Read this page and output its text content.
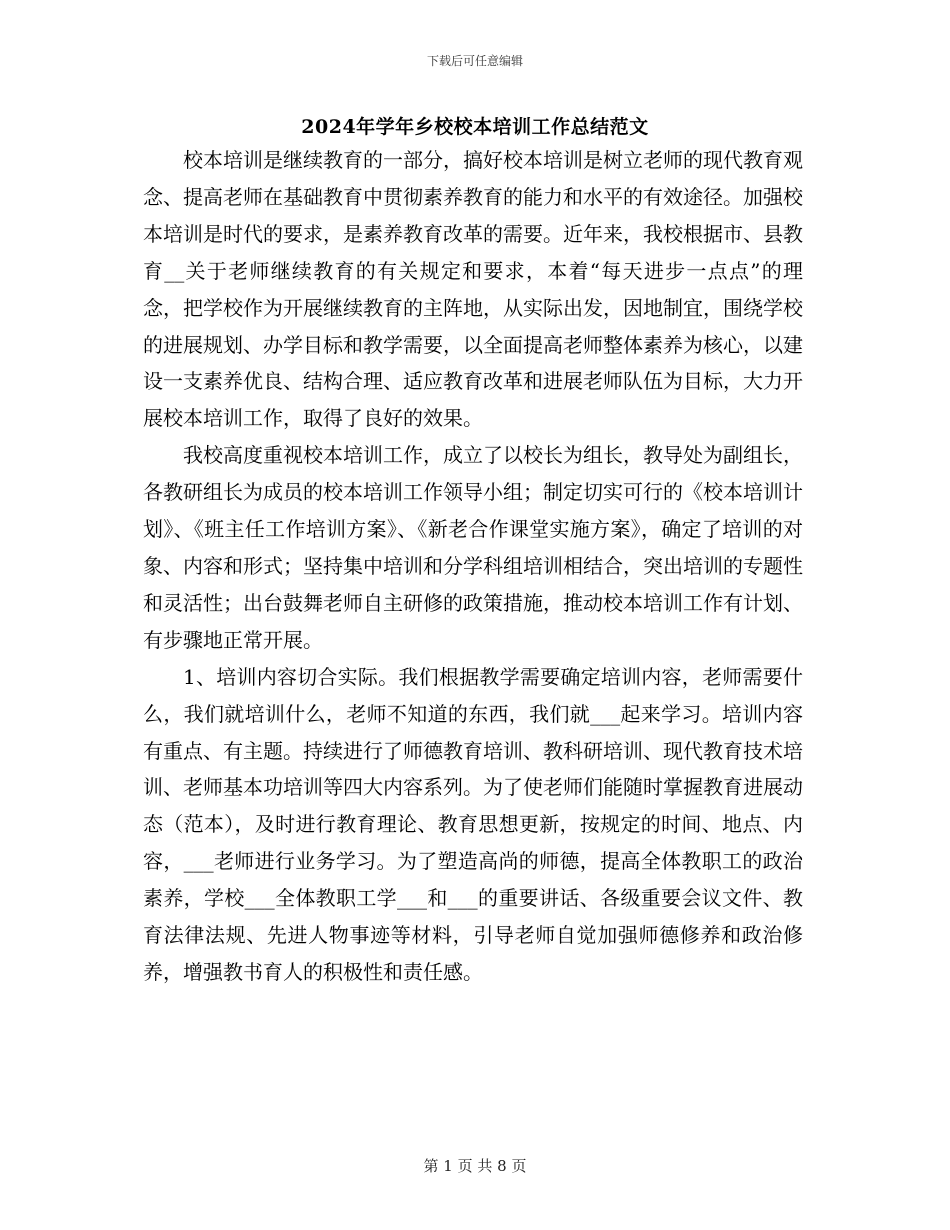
下载后可任意编辑
2024年学年乡校校本培训工作总结范文

校本培训是继续教育的一部分，搞好校本培训是树立老师的现代教育观念、提高老师在基础教育中贯彻素养教育的能力和水平的有效途径。加强校本培训是时代的要求，是素养教育改革的需要。近年来，我校根据市、县教育__关于老师继续教育的有关规定和要求，本着“每天进步一点点”的理念，把学校作为开展继续教育的主阵地，从实际出发，因地制宜，围绕学校的进展规划、办学目标和教学需要，以全面提高老师整体素养为核心，以建设一支素养优良、结构合理、适应教育改革和进展老师队伍为目标，大力开展校本培训工作，取得了良好的效果。

我校高度重视校本培训工作，成立了以校长为组长，教导处为副组长，各教研组长为成员的校本培训工作领导小组；制定切实可行的《校本培训计划》、《班主任工作培训方案》、《新老合作课堂实施方案》，确定了培训的对象、内容和形式；坚持集中培训和分学科组培训相结合，突出培训的专题性和灵活性；出台鼓舞老师自主研修的政策措施，推动校本培训工作有计划、有步骤地正常开展。

1、培训内容切合实际。我们根据教学需要确定培训内容，老师需要什么，我们就培训什么，老师不知道的东西，我们就___起来学习。培训内容有重点、有主题。持续进行了师德教育培训、教科研培训、现代教育技术培训、老师基本功培训等四大内容系列。为了使老师们能随时掌握教育进展动态（范本），及时进行教育理论、教育思想更新，按规定的时间、地点、内容，___老师进行业务学习。为了塑造高尚的师德，提高全体教职工的政治素养，学校___全体教职工学___和___的重要讲话、各级重要会议文件、教育法律法规、先进人物事迹等材料，引导老师自觉加强师德修养和政治修养，增强教书育人的积极性和责任感。

第 1 页 共 8 页
